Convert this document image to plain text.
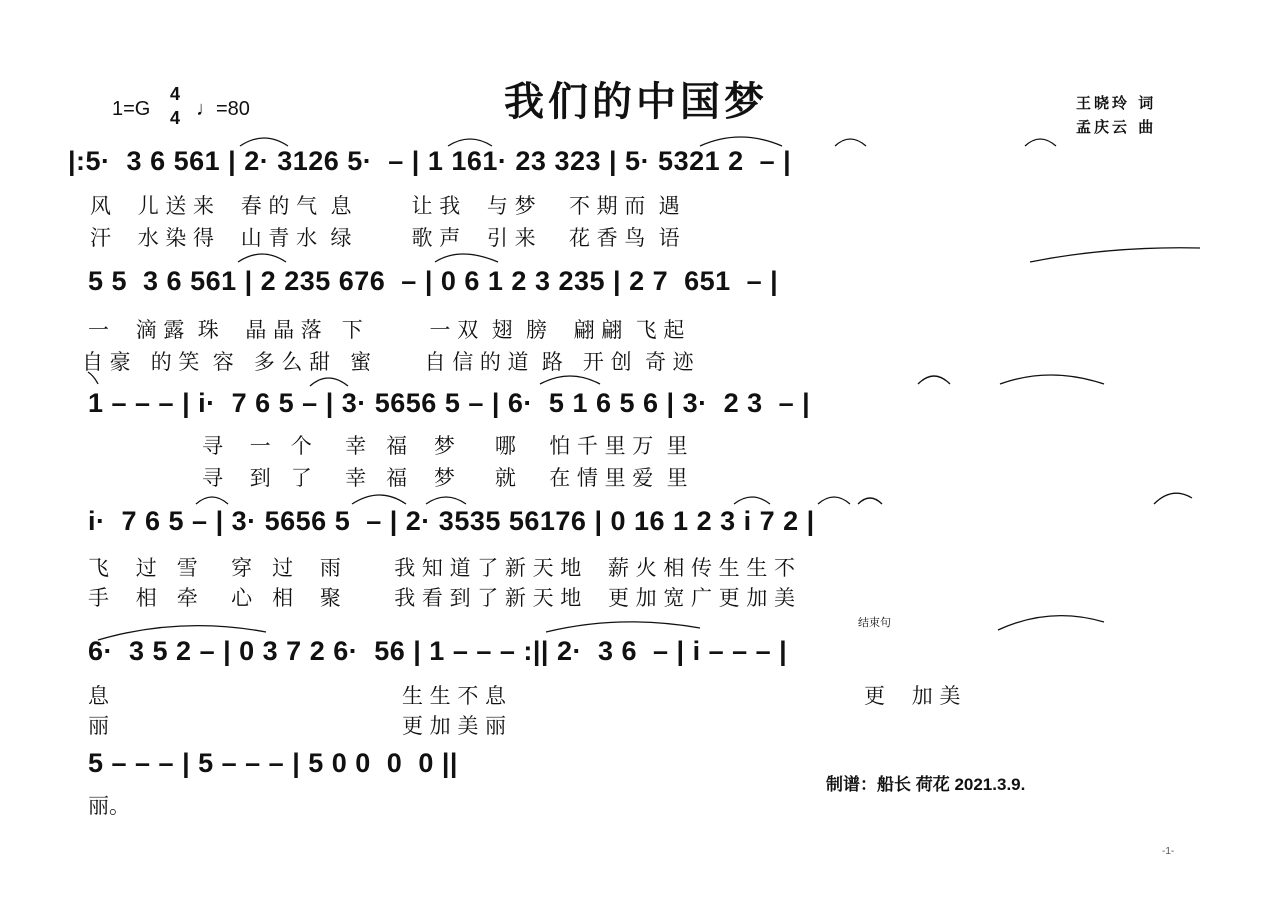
我们的中国梦
1=G
4
4 ♩=80	王晓玲 词
孟庆云 曲
|:5·  3 6 561 | 2· 3126 5·  – | 1 161· 23 323 | 5· 5321 2  – |
风    儿 送 来    春 的 气  息         让 我    与 梦     不 期 而  遇
汗    水 染 得    山 青 水  绿         歌 声    引 来     花 香 鸟  语
5 5  3 6 561 | 2 235 676  – | 0 6 1 2 3 235 | 2 7  651  – |
一    滴 露  珠    晶 晶 落   下          一 双  翅  膀    翩 翩  飞 起
自 豪   的 笑  容   多 么 甜   蜜        自 信 的 道  路   开 创  奇 迹
1 – – – | i·  7 6 5 – | 3· 5656 5 – | 6·  5 1 6 5 6 | 3·  2 3  – |
寻    一   个     幸   福    梦      哪     怕 千 里 万  里
寻    到   了     幸   福    梦      就     在 情 里 爱  里
i·  7 6 5 – | 3· 5656 5  – | 2· 3535 56176 | 0 16 1 2 3 i 7 2 |
飞    过   雪     穿   过    雨        我 知 道 了 新 天 地    薪 火 相 传 生 生 不
手    相   牵     心   相    聚        我 看 到 了 新 天 地    更 加 宽 广 更 加 美
结束句
6·  3 5 2 – | 0 3 7 2 6·  56 | 1 – – – :|| 2·  3 6  – | i – – – |
息	生 生 不 息	更    加 美
丽	更 加 美 丽
5 – – – | 5 – – – | 5 0 0  0  0 ||
丽。
制谱：船长 荷花 2021.3.9.
-1-
